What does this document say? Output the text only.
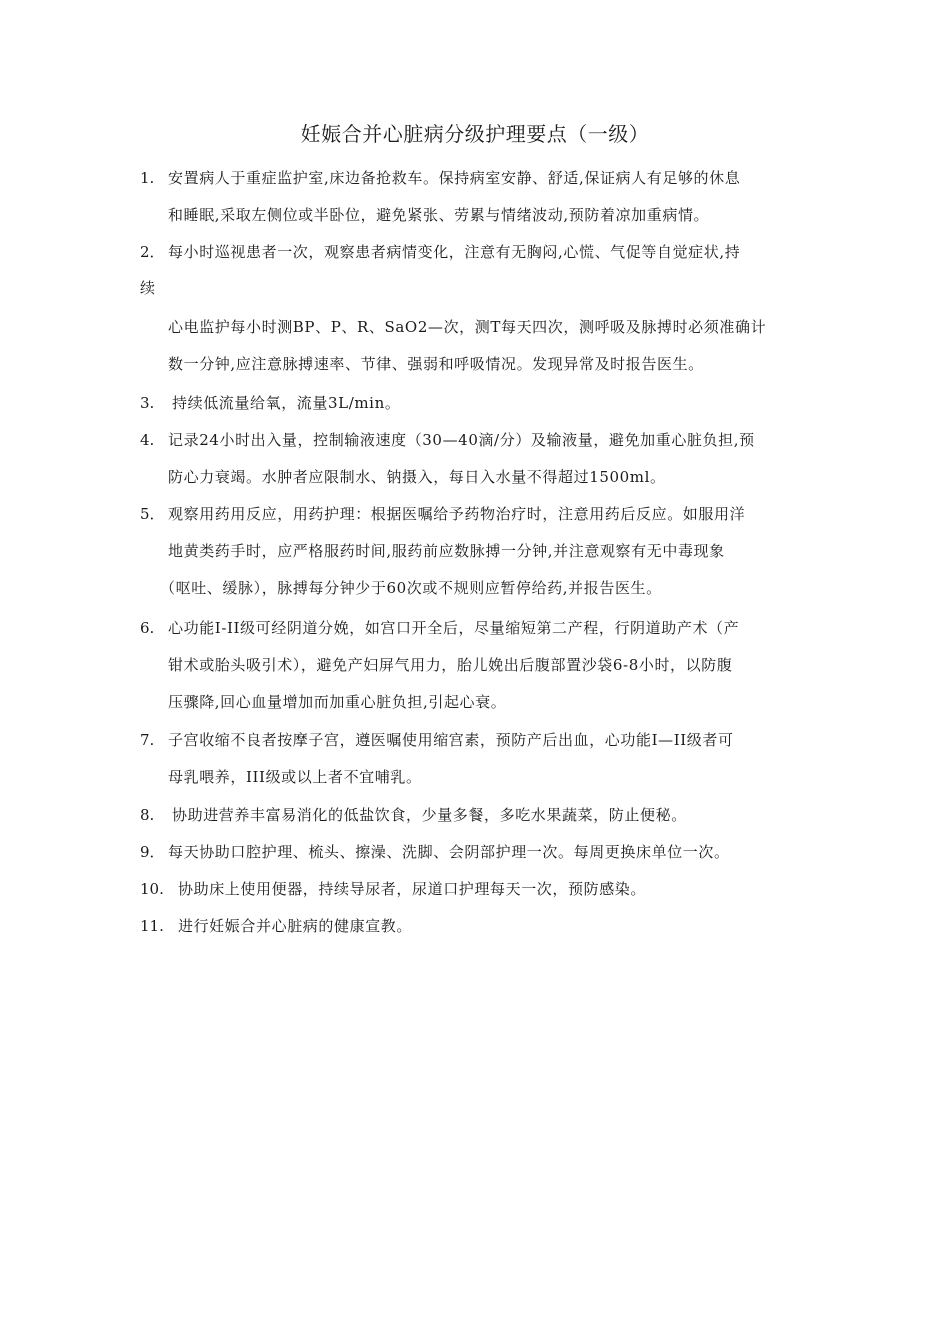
妊娠合并心脏病分级护理要点（一级）
1. 安置病人于重症监护室,床边备抢救车。保持病室安静、舒适,保证病人有足够的休息
和睡眠,采取左侧位或半卧位，避免紧张、劳累与情绪波动,预防着凉加重病情。
2． 每小时巡视患者一次，观察患者病情变化，注意有无胸闷,心慌、气促等自觉症状,持
续
心电监护每小时测BP、P、R、SaO2—次，测T每天四次，测呼吸及脉搏时必须准确计
数一分钟,应注意脉搏速率、节律、强弱和呼吸情况。发现异常及时报告医生。
3. 持续低流量给氧，流量3L/min。
4. 记录24小时出入量，控制输液速度（30—40滴/分）及输液量，避免加重心脏负担,预
防心力衰竭。水肿者应限制水、钠摄入，每日入水量不得超过1500ml。
5． 观察用药用反应，用药护理：根据医嘱给予药物治疗时，注意用药后反应。如服用洋
地黄类药手时，应严格服药时间,服药前应数脉搏一分钟,并注意观察有无中毒现象
（呕吐、缓脉），脉搏每分钟少于60次或不规则应暂停给药,并报告医生。
6. 心功能I-II级可经阴道分娩，如宫口开全后，尽量缩短第二产程，行阴道助产术（产
钳术或胎头吸引术），避免产妇屏气用力，胎儿娩出后腹部置沙袋6-8小时，以防腹
压骤降,回心血量增加而加重心脏负担,引起心衰。
7. 子宫收缩不良者按摩子宫，遵医嘱使用缩宫素，预防产后出血，心功能I—II级者可
母乳喂养，III级或以上者不宜哺乳。
8. 协助进营养丰富易消化的低盐饮食，少量多餐，多吃水果蔬菜，防止便秘。
9． 每天协助口腔护理、梳头、擦澡、洗脚、会阴部护理一次。每周更换床单位一次。
10. 协助床上使用便器，持续导尿者，尿道口护理每天一次，预防感染。
11. 进行妊娠合并心脏病的健康宣教。
